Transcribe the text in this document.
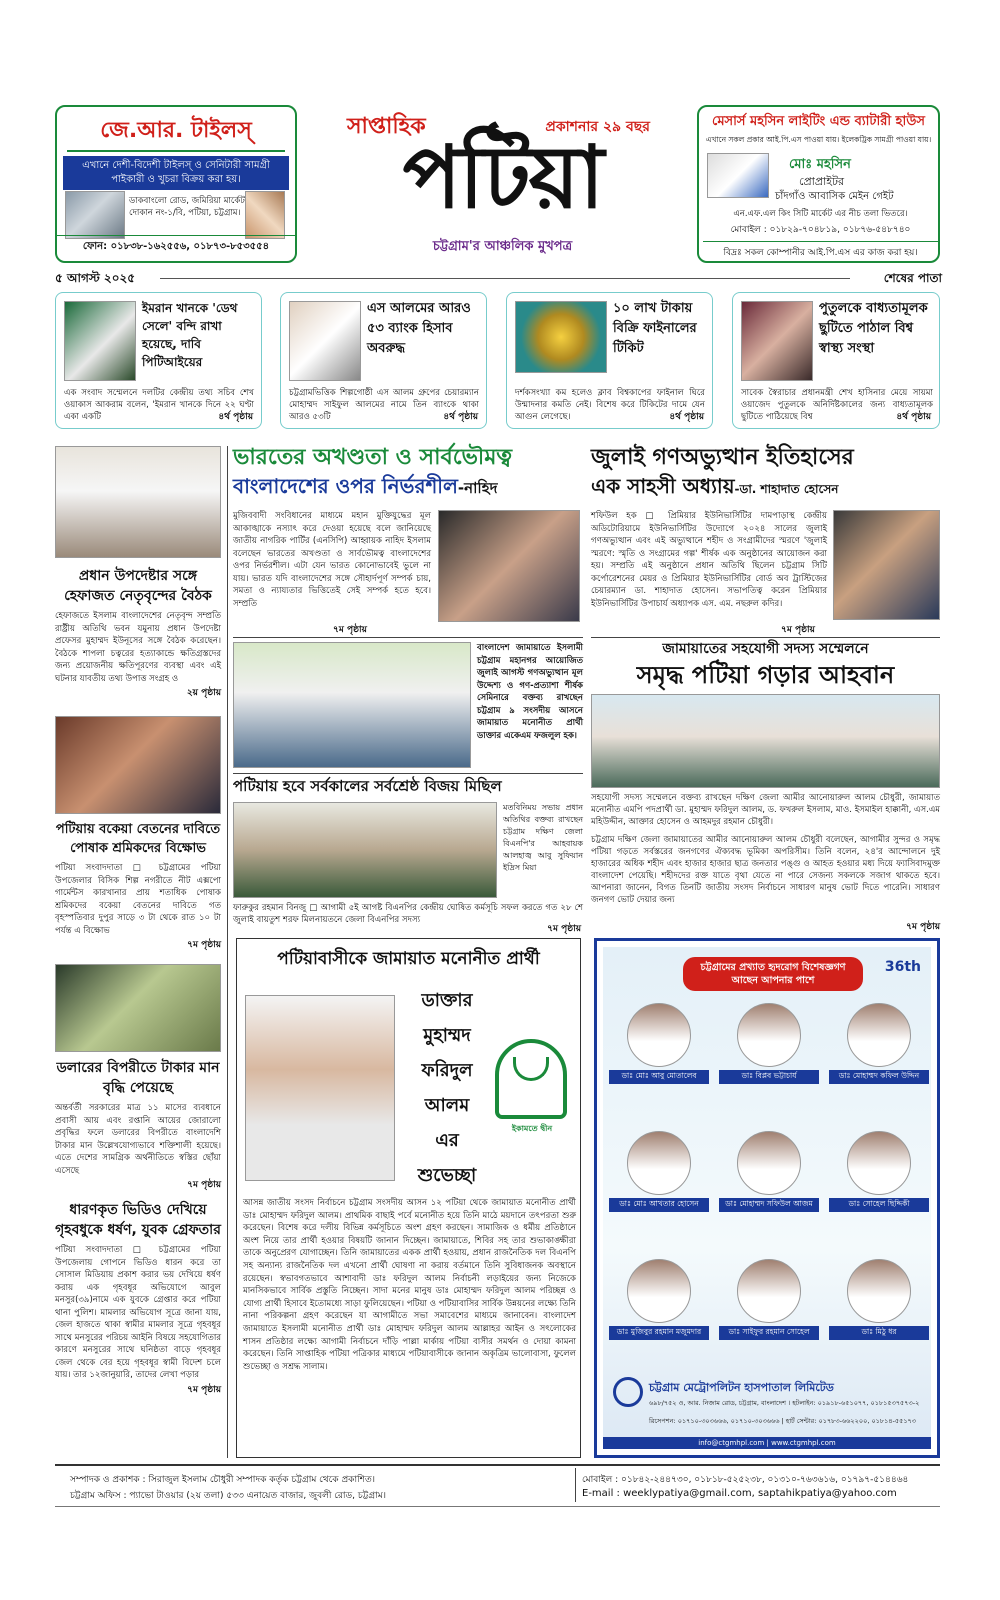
জে.আর. টাইলস্
এখানে দেশী-বিদেশী টাইলস্ ও সেনিটারী সামগ্রী পাইকারী ও খুচরা বিক্রয় করা হয়।
ডাকবাংলো রোড, জমিরিয়া মার্কেট দোকান নং-১/বি, পটিয়া, চট্টগ্রাম।
ফোন: ০১৮৩৮-১৬২৫৫৬, ০১৮৭৩-৮৫৩৫৫৪
সাপ্তাহিক	প্রকাশনার ২৯ বছর
পটিয়া
চট্টগ্রাম'র আঞ্চলিক মুখপত্র
মেসার্স মহসিন লাইটিং এন্ড ব্যাটারী হাউস
এখানে সকল প্রকার আই.পি.এস পাওয়া যায়। ইলেকট্রিক সামগ্রী পাওয়া যায়।
মোঃ মহসিন
প্রোপ্রাইটর
চাঁদগাঁও আবাসিক মেইন গেইট
এন.এফ.এল কিং সিটি মার্কেট এর নীচ তলা ভিতরে।
মোবাইল : ০১৮২৯-৭০৪৮১৯, ০১৮৭৬-৫৪৮৭৪০
বিদ্রঃ সকল কোম্পানীর আই.পি.এস এর কাজ করা হয়।
৫ আগস্ট ২০২৫	শেষের পাতা
ইমরান খানকে 'ডেথ সেলে' বন্দি রাখা হয়েছে, দাবি পিটিআইয়ের

এক সংবাদ সম্মেলনে দলটির কেন্দ্রীয় তথ্য সচিব শেখ ওয়াকাস আকরাম বলেন, 'ইমরান খানকে দিনে ২২ ঘণ্টা একা একটি	৪র্থ পৃষ্ঠায়
এস আলমের আরও ৫৩ ব্যাংক হিসাব অবরুদ্ধ

চট্টগ্রামভিত্তিক শিল্পগোষ্ঠী এস আলম গ্রুপের চেয়ারম্যান মোহাম্মদ সাইফুল আলমের নামে তিন ব্যাংকে থাকা আরও ৫৩টি	৪র্থ পৃষ্ঠায়
১০ লাখ টাকায় বিক্রি ফাইনালের টিকিট

দর্শকসংখ্যা কম হলেও ক্লাব বিশ্বকাপের ফাইনাল ঘিরে উন্মাদনার কমতি নেই। বিশেষ করে টিকিটের দামে যেন আগুন লেগেছে।	৪র্থ পৃষ্ঠায়
পুতুলকে বাধ্যতামূলক ছুটিতে পাঠাল বিশ্ব স্বাস্থ্য সংস্থা

সাবেক স্বৈরাচার প্রধানমন্ত্রী শেখ হাসিনার মেয়ে সায়মা ওয়াজেদ পুতুলকে অনির্দিষ্টকালের জন্য বাধ্যতামূলক ছুটিতে পাঠিয়েছে বিশ্ব	৪র্থ পৃষ্ঠায়
প্রধান উপদেষ্টার সঙ্গে হেফাজত নেতৃবৃন্দের বৈঠক

হেফাজতে ইসলাম বাংলাদেশের নেতৃবৃন্দ সম্প্রতি রাষ্ট্রীয় অতিথি ভবন যমুনায় প্রধান উপদেষ্টা প্রফেসর মুহাম্মদ ইউনূসের সঙ্গে বৈঠক করেছেন। বৈঠকে শাপলা চত্বরের হত্যাকান্ডে ক্ষতিগ্রস্তদের জন্য প্রয়োজনীয় ক্ষতিপূরণের ব্যবস্থা এবং এই ঘটনার যাবতীয় তথ্য উপাত্ত সংগ্রহ ও

২য় পৃষ্ঠায়
পটিয়ায় বকেয়া বেতনের দাবিতে পোষাক শ্রমিকদের বিক্ষোভ

পটিয়া সংবাদদাতা □ চট্টগ্রামের পটিয়া উপজেলার বিসিক শিল্প নগরীতে নীট এক্সপো গার্মেন্টস কারখানার প্রায় শতাধিক পোষাক শ্রমিকদের বকেয়া বেতনের দাবিতে গত বৃহস্পতিবার দুপুর সাড়ে ৩ টা থেকে রাত ১০ টা পর্যন্ত এ বিক্ষোভ

৭ম পৃষ্ঠায়
ডলারের বিপরীতে টাকার মান বৃদ্ধি পেয়েছে

অন্তর্বর্তী সরকারের মাত্র ১১ মাসের ব্যবধানে প্রবাসী আয় এবং রপ্তানি আয়ের জোরালো প্রবৃদ্ধির ফলে ডলারের বিপরীতে বাংলাদেশি টাকার মান উল্লেখযোগ্যভাবে শক্তিশালী হয়েছে। এতে দেশের সামগ্রিক অর্থনীতিতে স্বস্তির ছোঁয়া এসেছে

৭ম পৃষ্ঠায়
ধারণকৃত ভিডিও দেখিয়ে গৃহবধুকে ধর্ষণ, যুবক গ্রেফতার

পটিয়া সংবাদদাতা □ চট্টগ্রামের পটিয়া উপজেলায় গোপনে ভিডিও ধারন করে তা সোসাল মিডিয়ায় প্রকাশ করার ভয় দেখিয়ে ধর্ষণ করায় এক গৃহবধূর অভিযোগে আবুল মনসুর(৩৯)নামে এক যুবকে গ্রেপ্তার করে পটিয়া থানা পুলিশ। মামলার অভিযোগ সূত্রে জানা যায়, জেল হাজতে থাকা স্বামীর মামলার সূত্রে গৃহবধূর সাথে মনসুরের পরিচয় আইনি বিষয়ে সহযোগিতার কারণে মনসুরের সাথে ঘনিষ্ঠতা বাড়ে গৃহবধূর জেল থেকে বের হয়ে গৃহবধূর স্বামী বিদেশ চলে যায়। তার ১২জানুয়ারি, তাদের লেখা পড়ার

৭ম পৃষ্ঠায়
ভারতের অখণ্ডতা ও সার্বভৌমত্ব
বাংলাদেশের ওপর নির্ভরশীল-নাহিদ

মুজিববাদী সংবিধানের মাধ্যমে মহান মুক্তিযুদ্ধের মূল আকাঙ্খাকে নস্যাৎ করে দেওয়া হয়েছে বলে জানিয়েছে জাতীয় নাগরিক পার্টির (এনসিপি) আহ্বায়ক নাহিদ ইসলাম বলেছেন ভারতের অখণ্ডতা ও সার্বভৌমত্ব বাংলাদেশের ওপর নির্ভরশীল। এটা যেন ভারত কোনোভাবেই ভুলে না যায়। ভারত যদি বাংলাদেশের সঙ্গে সৌহার্দপূর্ণ সম্পর্ক চায়, সমতা ও ন্যায্যতার ভিত্তিতেই সেই সম্পর্ক হতে হবে। সম্প্রতি

৭ম পৃষ্ঠায়

বাংলাদেশ জামায়াতে ইসলামী চট্টগ্রাম মহানগর আয়োজিত জুলাই আগস্ট গণঅভ্যুত্থান মূল উদ্দেশ্য ও গণ-প্রত্যাশা শীর্ষক সেমিনারে বক্তব্য রাখছেন চট্টগ্রাম ৯ সংসদীয় আসনে জামায়াত মনোনীত প্রার্থী ডাক্তার একেএম ফজলুল হক।

পটিয়ায় হবে সর্বকালের সর্বশ্রেষ্ঠ বিজয় মিছিল

মতবিনিময় সভায় প্রধান অতিথির বক্তব্য রাখছেন চট্টগ্রাম দক্ষিণ জেলা বিএনপি'র আহবায়ক আলহাজ্ব আবু সুফিয়ান ইদ্রিস মিয়া

ফারুকুর রহমান বিনজু □ আগামী ৫ই আগষ্ট বিএনপির কেন্দ্রীয় ঘোষিত কর্মসূচি সফল করতে গত ২৮ শে জুলাই বায়তুশ শরফ মিলনায়তনে জেলা বিএনপির সদস্য

৭ম পৃষ্ঠায়
জুলাই গণঅভ্যুত্থান ইতিহাসের
এক সাহসী অধ্যায়-ডা. শাহাদাত হোসেন

শফিউল হক □ প্রিমিয়ার ইউনিভার্সিটির দামপাড়াস্থ কেন্দ্রীয় অডিটোরিয়ামে ইউনিভার্সিটির উদ্যোগে ২০২৪ সালের জুলাই গণঅভ্যুত্থান এবং এই অভ্যুত্থানে শহীদ ও সংগ্রামীদের স্মরণে 'জুলাই স্মরণে: স্মৃতি ও সংগ্রামের গল্প' শীর্ষক এক অনুষ্ঠানের আয়োজন করা হয়। সম্প্রতি এই অনুষ্ঠানে প্রধান অতিথি ছিলেন চট্টগ্রাম সিটি কর্পোরেশনের মেয়র ও প্রিমিয়ার ইউনিভার্সিটির বোর্ড অব ট্রাস্টিজের চেয়ারম্যান ডা. শাহাদাত হোসেন। সভাপতিত্ব করেন প্রিমিয়ার ইউনিভার্সিটির উপাচার্য অধ্যাপক এস. এম. নছরুল কদির।

৭ম পৃষ্ঠায়
জামায়াতের সহযোগী সদস্য সম্মেলনে
সমৃদ্ধ পটিয়া গড়ার আহবান

সহযোগী সদস্য সম্মেলনে বক্তব্য রাখছেন দক্ষিণ জেলা আমীর আনোয়ারুল আলম চৌধুরী, জামায়াত মনোনীত এমপি পদপ্রার্থী ডা. মুহাম্মদ ফরিদুল আলম, ড. ফখরুল ইসলাম, মাও. ইসমাইল হাক্কানী, এস.এম মহিউদ্দীন, আক্তার হোসেন ও আহমদুর রহমান চৌধুরী।

চট্টগ্রাম দক্ষিণ জেলা জামায়াতের আমীর আনোয়ারুল আলম চৌধুরী বলেছেন, আগামীর সুন্দর ও সমৃদ্ধ পটিয়া গড়তে সর্বস্তরের জনগণের ঐক্যবদ্ধ ভূমিকা অপরিসীম। তিনি বলেন, ২৪'র আন্দোলনে দুই হাজারের অধিক শহীদ এবং হাজার হাজার ছাত্র জনতার পঙ্গু ও আহত হওয়ার মধ্য দিয়ে ফ্যাসিবাদমুক্ত বাংলাদেশ পেয়েছি। শহীদদের রক্ত যাতে বৃথা যেতে না পারে সেজন্য সকলকে সজাগ থাকতে হবে। আপনারা জানেন, বিগত তিনটি জাতীয় সংসদ নির্বাচনে সাধারণ মানুষ ভোট দিতে পারেনি। সাধারণ জনগণ ভোট দেয়ার জন্য

৭ম পৃষ্ঠায়
পটিয়াবাসীকে জামায়াত মনোনীত প্রার্থী
ডাক্তার
মুহাম্মদ
ফরিদুল
আলম
এর
শুভেচ্ছা
ইকামতে দ্বীন

আসন্ন জাতীয় সংসদ নির্বাচনে চট্টগ্রাম সংসদীয় আসন ১২ পটিয়া থেকে জামায়াত মনোনীত প্রার্থী ডাঃ মোহাম্মদ ফরিদুল আলম। প্রাথমিক বাছাই পর্বে মনোনীত হয়ে তিনি মাঠে ময়দানে তৎপরতা শুরু করেছেন। বিশেষ করে দলীয় বিভিন্ন কর্মসূচিতে অংশ গ্রহণ করছেন। সামাজিক ও ধর্মীয় প্রতিষ্ঠানে অংশ নিয়ে তার প্রার্থী হওয়ার বিষয়টি জানান দিচ্ছেন। জামায়াতে, শিবির সহ তার শুভাকাঙ্ক্ষীরা তাকে অনুপ্রেরণ যোগাচ্ছেন। তিনি জামায়াতের একক প্রার্থী হওয়ায়, প্রধান রাজনৈতিক দল বিএনপি সহ অন্যান্য রাজনৈতিক দল এখনো প্রার্থী ঘোষণা না করায় বর্তমানে তিনি সুবিধাজনক অবস্থানে রয়েছেন। স্বভাবগতভাবে আশাবাদী ডাঃ ফরিদুল আলম নির্বাচনী লড়াইয়ের জন্য নিজেকে মানসিকভাবে সার্বিক প্রস্তুতি নিচ্ছেন। সাদা মনের মানুষ ডাঃ মোহাম্মদ ফরিদুল আলম পরিচ্ছন্ন ও যোগ্য প্রার্থী হিসাবে ইতোমধ্যে সাড়া ফুলিয়েছেন। পটিয়া ও পটিয়াবাসির সার্বিক উন্নয়নের লক্ষ্যে তিনি নানা পরিকল্পনা গ্রহণ করেছেন যা আগামীতে সভা সমাবেশের মাধ্যমে জানাবেন। বাংলাদেশ জামায়াতে ইসলামী মনোনীত প্রার্থী ডাঃ মোহাম্মদ ফরিদুল আলম আল্লাহর আইন ও সৎলোকের শাসন প্রতিষ্ঠার লক্ষ্যে আগামী নির্বাচনে দাঁড়ি পাল্লা মার্কায় পটিয়া বাসীর সমর্থন ও দোয়া কামনা করেছেন। তিনি সাপ্তাহিক পটিয়া পত্রিকার মাধ্যমে পটিয়াবাসীকে জানান অকৃত্রিম ভালোবাসা, ফুলেল শুভেচ্ছা ও সশ্রদ্ধ সালাম।

চট্টগ্রামের প্রখ্যাত হৃদরোগ বিশেষজ্ঞগণ আছেন আপনার পাশে
36th
ডাঃ মোঃ আবু মোতালেব	ডাঃ বিপ্লব ভট্টাচার্য	ডাঃ মোহাম্মদ কফিল উদ্দিন
ডাঃ মোঃ আখতার হোসেন	ডাঃ মোহাম্মদ সফিউল আজম	ডাঃ সোহেল ছিদ্দিকী
ডাঃ মুজিবুর রহমান মজুমদার	ডাঃ সাইফুর রহমান সোহেল	ডাঃ মিঠু ধর
চট্টগ্রাম মেট্রোপলিটন হাসপাতাল লিমিটেড
৬৯৮/৭৫২ ও, আর. নিজাম রোড, চট্টগ্রাম, বাংলাদেশ । হটলাইন: ০১৯১৮-৬৫১০৭৭, ০১৮১৫৩৭৫৭৩-২
রিসেপশন: ০১৭১০-৩০৩৬৬৬, ০১৭১০-৩০৩৬৬৬ | হার্ট সেন্টার: ০১৭৮৩-৬৬২২০০, ০১৮১৪-৫৫১৭৩
info@ctgmhpl.com | www.ctgmhpl.com
সম্পাদক ও প্রকাশক : সিরাজুল ইসলাম চৌধুরী সম্পাদক কর্তৃক চট্টগ্রাম থেকে প্রকাশিত।
চট্টগ্রাম অফিস : প্যাভো টাওয়ার (২য় তলা) ৫৩৩ এনায়েত বাজার, জুবলী রোড, চট্টগ্রাম।
মোবাইল : ০১৮৪২-২৪৪৭৩০, ০১৮১৮-৫২৫২৩৮, ০১৩১০-৭৬৩৬১৬, ০১৭৯৭-৫১৪৪৬৪
E-mail : weeklypatiya@gmail.com, saptahikpatiya@yahoo.com
